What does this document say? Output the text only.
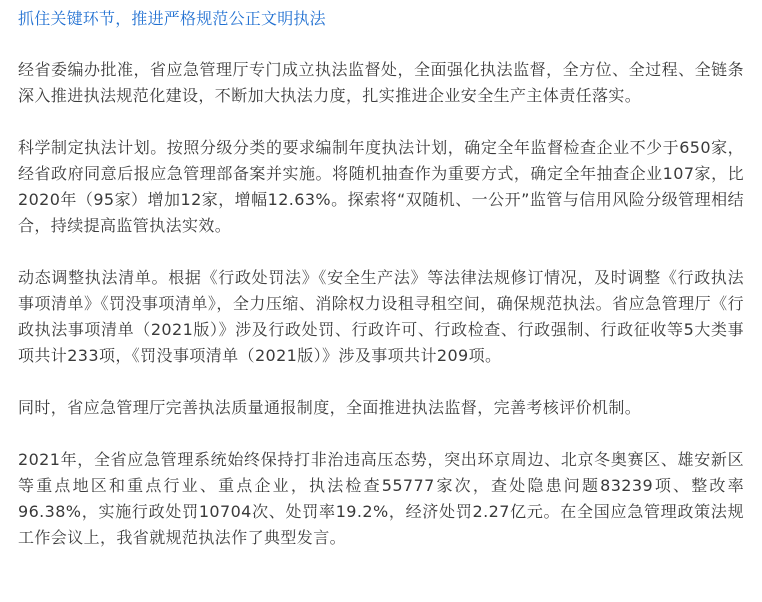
抓住关键环节，推进严格规范公正文明执法

经省委编办批准，省应急管理厅专门成立执法监督处，全面强化执法监督，全方位、全过程、全链条深入推进执法规范化建设，不断加大执法力度，扎实推进企业安全生产主体责任落实。

科学制定执法计划。按照分级分类的要求编制年度执法计划，确定全年监督检查企业不少于650家，经省政府同意后报应急管理部备案并实施。将随机抽查作为重要方式，确定全年抽查企业107家，比2020年（95家）增加12家，增幅12.63%。探索将“双随机、一公开”监管与信用风险分级管理相结合，持续提高监管执法实效。

动态调整执法清单。根据《行政处罚法》《安全生产法》等法律法规修订情况，及时调整《行政执法事项清单》《罚没事项清单》，全力压缩、消除权力设租寻租空间，确保规范执法。省应急管理厅《行政执法事项清单（2021版）》涉及行政处罚、行政许可、行政检查、行政强制、行政征收等5大类事项共计233项，《罚没事项清单（2021版）》涉及事项共计209项。

同时，省应急管理厅完善执法质量通报制度，全面推进执法监督，完善考核评价机制。

2021年，全省应急管理系统始终保持打非治违高压态势，突出环京周边、北京冬奥赛区、雄安新区等重点地区和重点行业、重点企业，执法检查55777家次，查处隐患问题83239项、整改率96.38%，实施行政处罚10704次、处罚率19.2%，经济处罚2.27亿元。在全国应急管理政策法规工作会议上，我省就规范执法作了典型发言。
